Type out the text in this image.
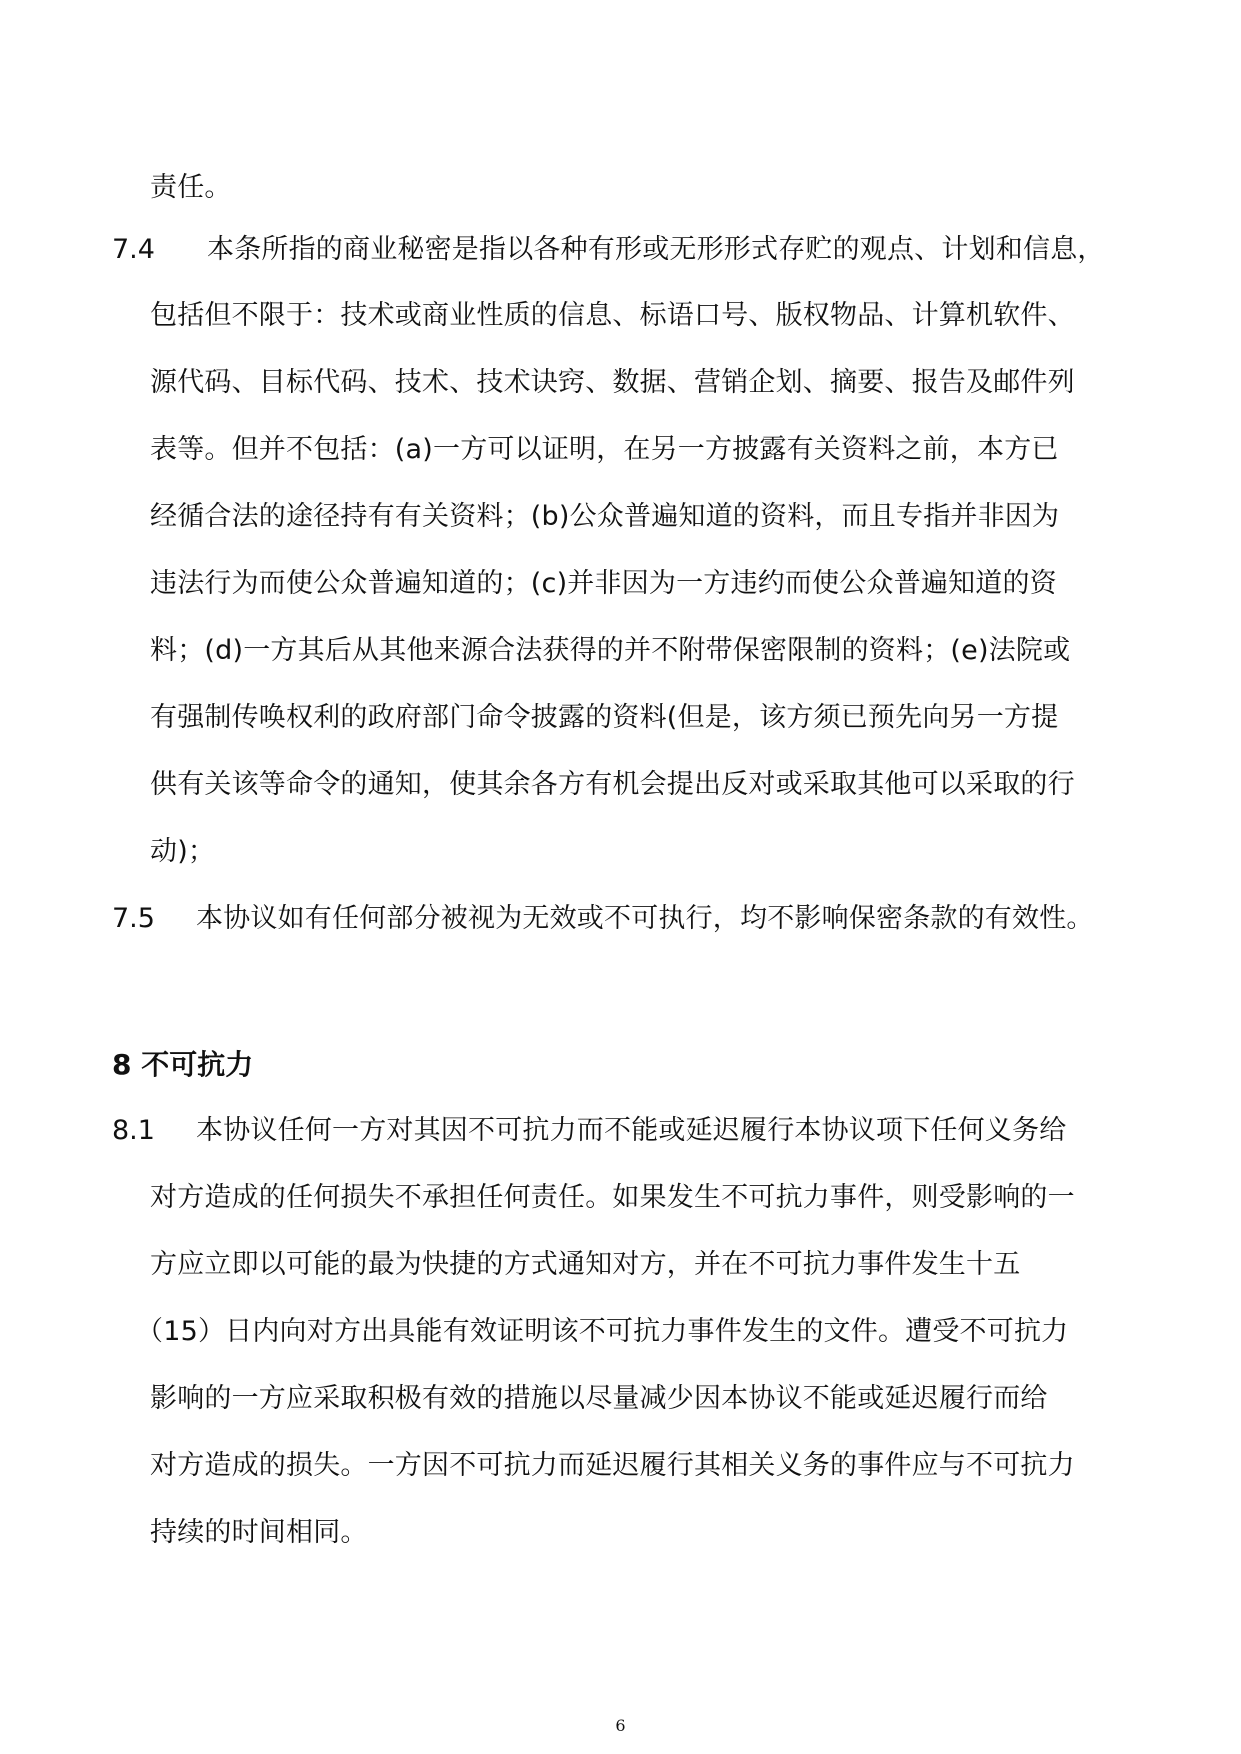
责任。
7.4 本条所指的商业秘密是指以各种有形或无形形式存贮的观点、计划和信息，
包括但不限于：技术或商业性质的信息、标语口号、版权物品、计算机软件、
源代码、目标代码、技术、技术诀窍、数据、营销企划、摘要、报告及邮件列
表等。但并不包括：(a)一方可以证明，在另一方披露有关资料之前，本方已
经循合法的途径持有有关资料；(b)公众普遍知道的资料，而且专指并非因为
违法行为而使公众普遍知道的；(c)并非因为一方违约而使公众普遍知道的资
料；(d)一方其后从其他来源合法获得的并不附带保密限制的资料；(e)法院或
有强制传唤权利的政府部门命令披露的资料(但是，该方须已预先向另一方提
供有关该等命令的通知，使其余各方有机会提出反对或采取其他可以采取的行
动)；
7.5 本协议如有任何部分被视为无效或不可执行，均不影响保密条款的有效性。
8 不可抗力
8.1 本协议任何一方对其因不可抗力而不能或延迟履行本协议项下任何义务给
对方造成的任何损失不承担任何责任。如果发生不可抗力事件，则受影响的一
方应立即以可能的最为快捷的方式通知对方，并在不可抗力事件发生十五
（15）日内向对方出具能有效证明该不可抗力事件发生的文件。遭受不可抗力
影响的一方应采取积极有效的措施以尽量减少因本协议不能或延迟履行而给
对方造成的损失。一方因不可抗力而延迟履行其相关义务的事件应与不可抗力
持续的时间相同。
6
